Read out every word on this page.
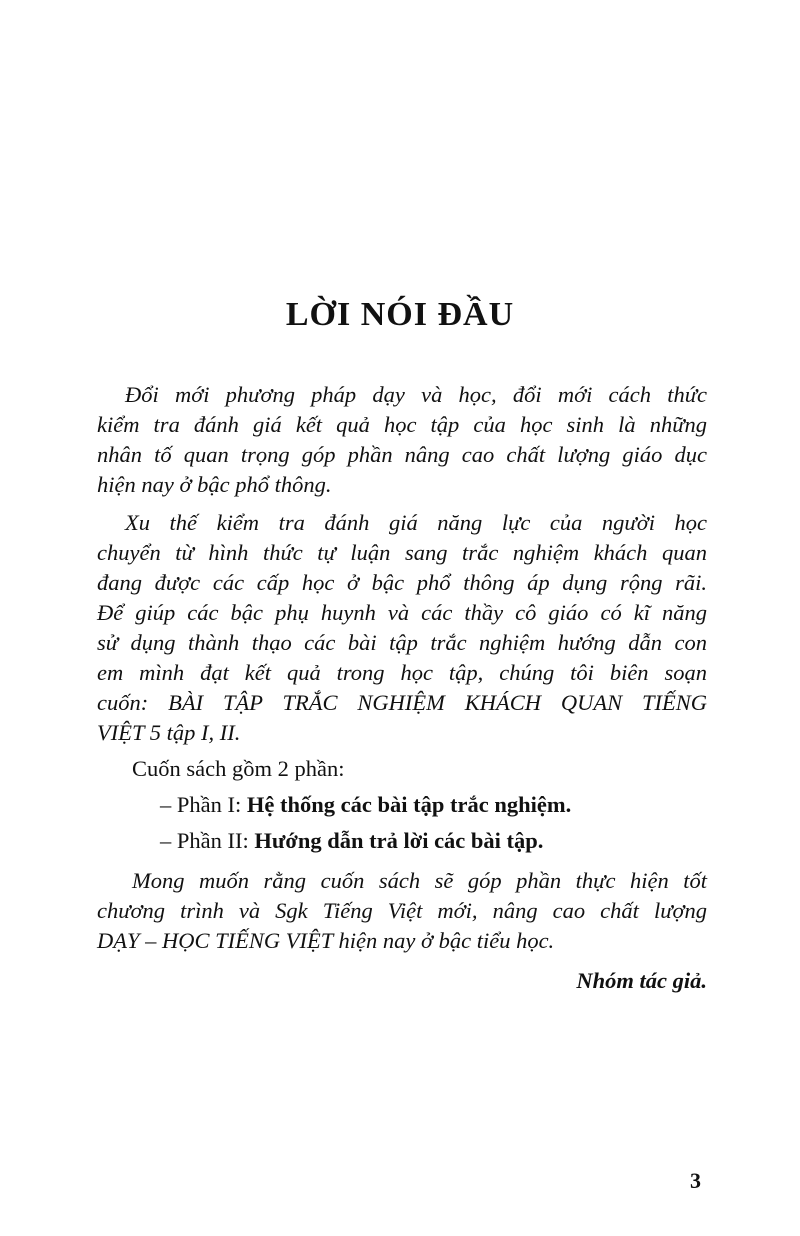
LỜI NÓI ĐẦU
Đổi mới phương pháp dạy và học, đổi mới cách thức
kiểm tra đánh giá kết quả học tập của học sinh là những
nhân tố quan trọng góp phần nâng cao chất lượng giáo dục
hiện nay ở bậc phổ thông.
Xu thế kiểm tra đánh giá năng lực của người học
chuyển từ hình thức tự luận sang trắc nghiệm khách quan
đang được các cấp học ở bậc phổ thông áp dụng rộng rãi.
Để giúp các bậc phụ huynh và các thầy cô giáo có kĩ năng
sử dụng thành thạo các bài tập trắc nghiệm hướng dẫn con
em mình đạt kết quả trong học tập, chúng tôi biên soạn
cuốn: BÀI TẬP TRẮC NGHIỆM KHÁCH QUAN TIẾNG
VIỆT 5 tập I, II.
Cuốn sách gồm 2 phần:
– Phần I: Hệ thống các bài tập trắc nghiệm.
– Phần II: Hướng dẫn trả lời các bài tập.
Mong muốn rằng cuốn sách sẽ góp phần thực hiện tốt
chương trình và Sgk Tiếng Việt mới, nâng cao chất lượng
DẠY – HỌC TIẾNG VIỆT hiện nay ở bậc tiểu học.
Nhóm tác giả.
3
